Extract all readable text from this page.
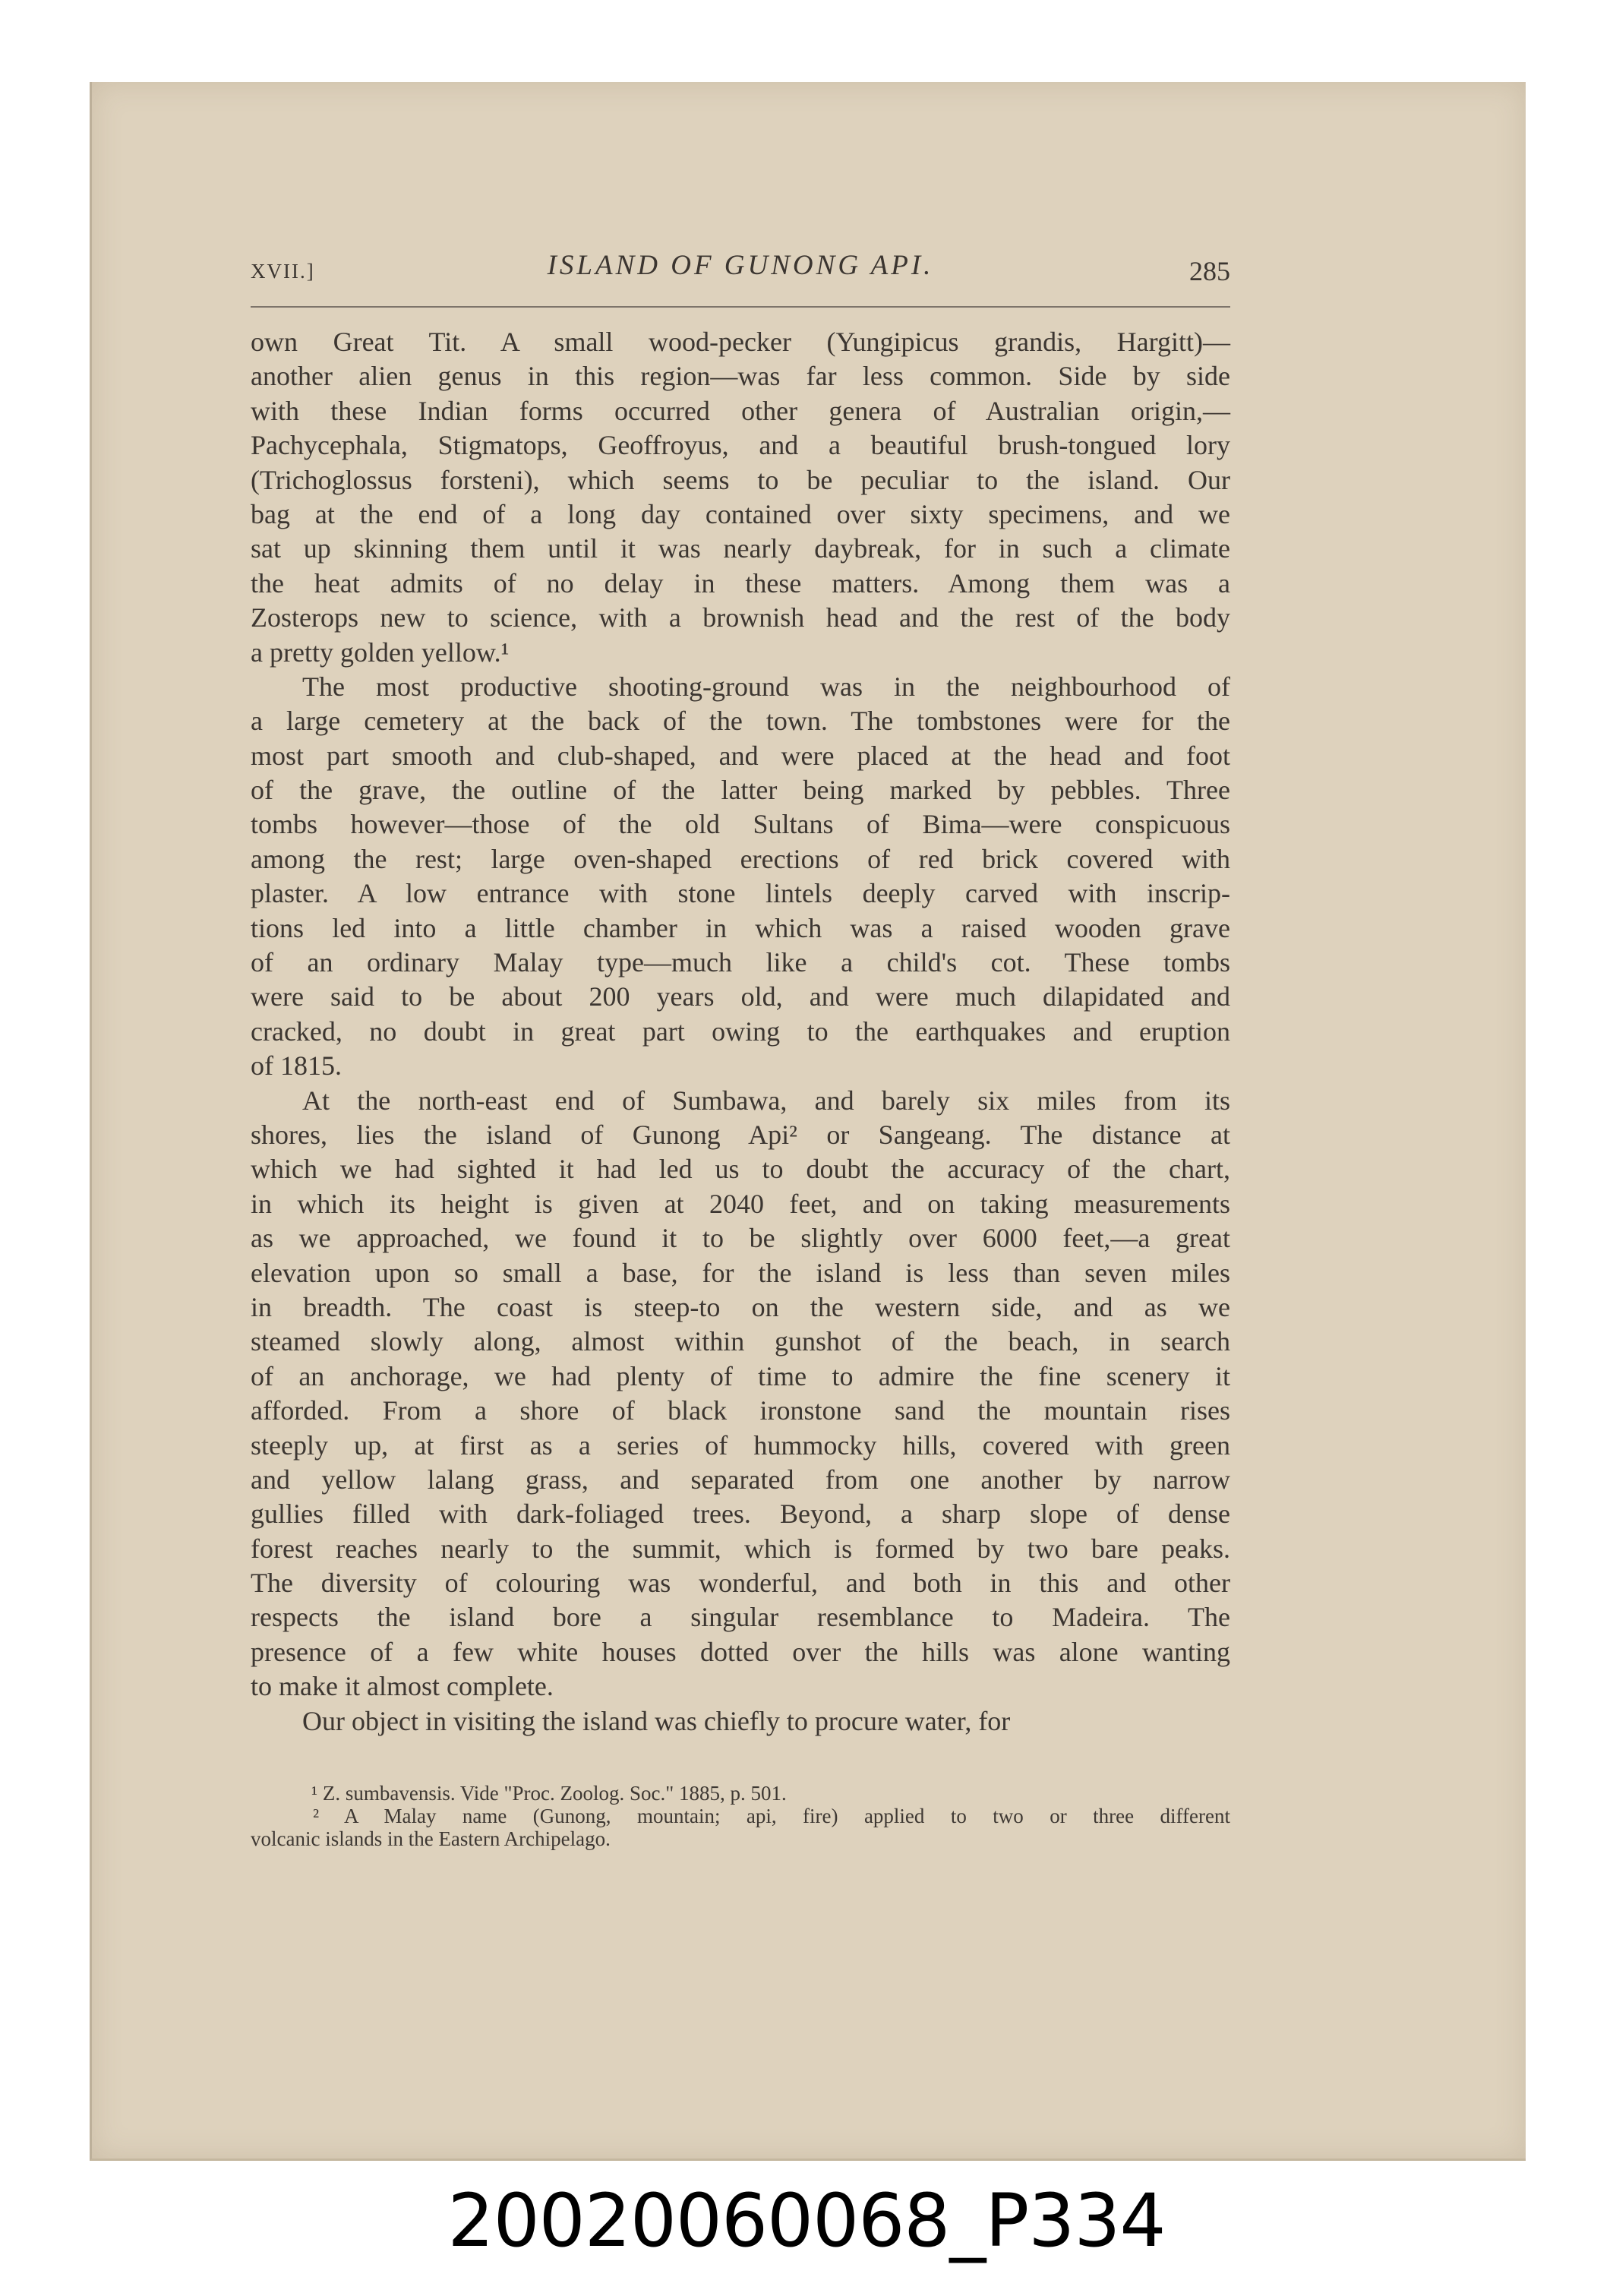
XVII.]	ISLAND OF GUNONG API.	285
own Great Tit. A small wood-pecker (Yungipicus grandis, Hargitt)—
another alien genus in this region—was far less common. Side by side
with these Indian forms occurred other genera of Australian origin,—
Pachycephala, Stigmatops, Geoffroyus, and a beautiful brush-tongued lory
(Trichoglossus forsteni), which seems to be peculiar to the island. Our
bag at the end of a long day contained over sixty specimens, and we
sat up skinning them until it was nearly daybreak, for in such a climate
the heat admits of no delay in these matters. Among them was a
Zosterops new to science, with a brownish head and the rest of the body
a pretty golden yellow.¹
The most productive shooting-ground was in the neighbourhood of
a large cemetery at the back of the town. The tombstones were for the
most part smooth and club-shaped, and were placed at the head and foot
of the grave, the outline of the latter being marked by pebbles. Three
tombs however—those of the old Sultans of Bima—were conspicuous
among the rest; large oven-shaped erections of red brick covered with
plaster. A low entrance with stone lintels deeply carved with inscrip-
tions led into a little chamber in which was a raised wooden grave
of an ordinary Malay type—much like a child's cot. These tombs
were said to be about 200 years old, and were much dilapidated and
cracked, no doubt in great part owing to the earthquakes and eruption
of 1815.
At the north-east end of Sumbawa, and barely six miles from its
shores, lies the island of Gunong Api² or Sangeang. The distance at
which we had sighted it had led us to doubt the accuracy of the chart,
in which its height is given at 2040 feet, and on taking measurements
as we approached, we found it to be slightly over 6000 feet,—a great
elevation upon so small a base, for the island is less than seven miles
in breadth. The coast is steep-to on the western side, and as we
steamed slowly along, almost within gunshot of the beach, in search
of an anchorage, we had plenty of time to admire the fine scenery it
afforded. From a shore of black ironstone sand the mountain rises
steeply up, at first as a series of hummocky hills, covered with green
and yellow lalang grass, and separated from one another by narrow
gullies filled with dark-foliaged trees. Beyond, a sharp slope of dense
forest reaches nearly to the summit, which is formed by two bare peaks.
The diversity of colouring was wonderful, and both in this and other
respects the island bore a singular resemblance to Madeira. The
presence of a few white houses dotted over the hills was alone wanting
to make it almost complete.
Our object in visiting the island was chiefly to procure water, for
¹ Z. sumbavensis. Vide "Proc. Zoolog. Soc." 1885, p. 501.
² A Malay name (Gunong, mountain; api, fire) applied to two or three different
volcanic islands in the Eastern Archipelago.
20020060068_P334
